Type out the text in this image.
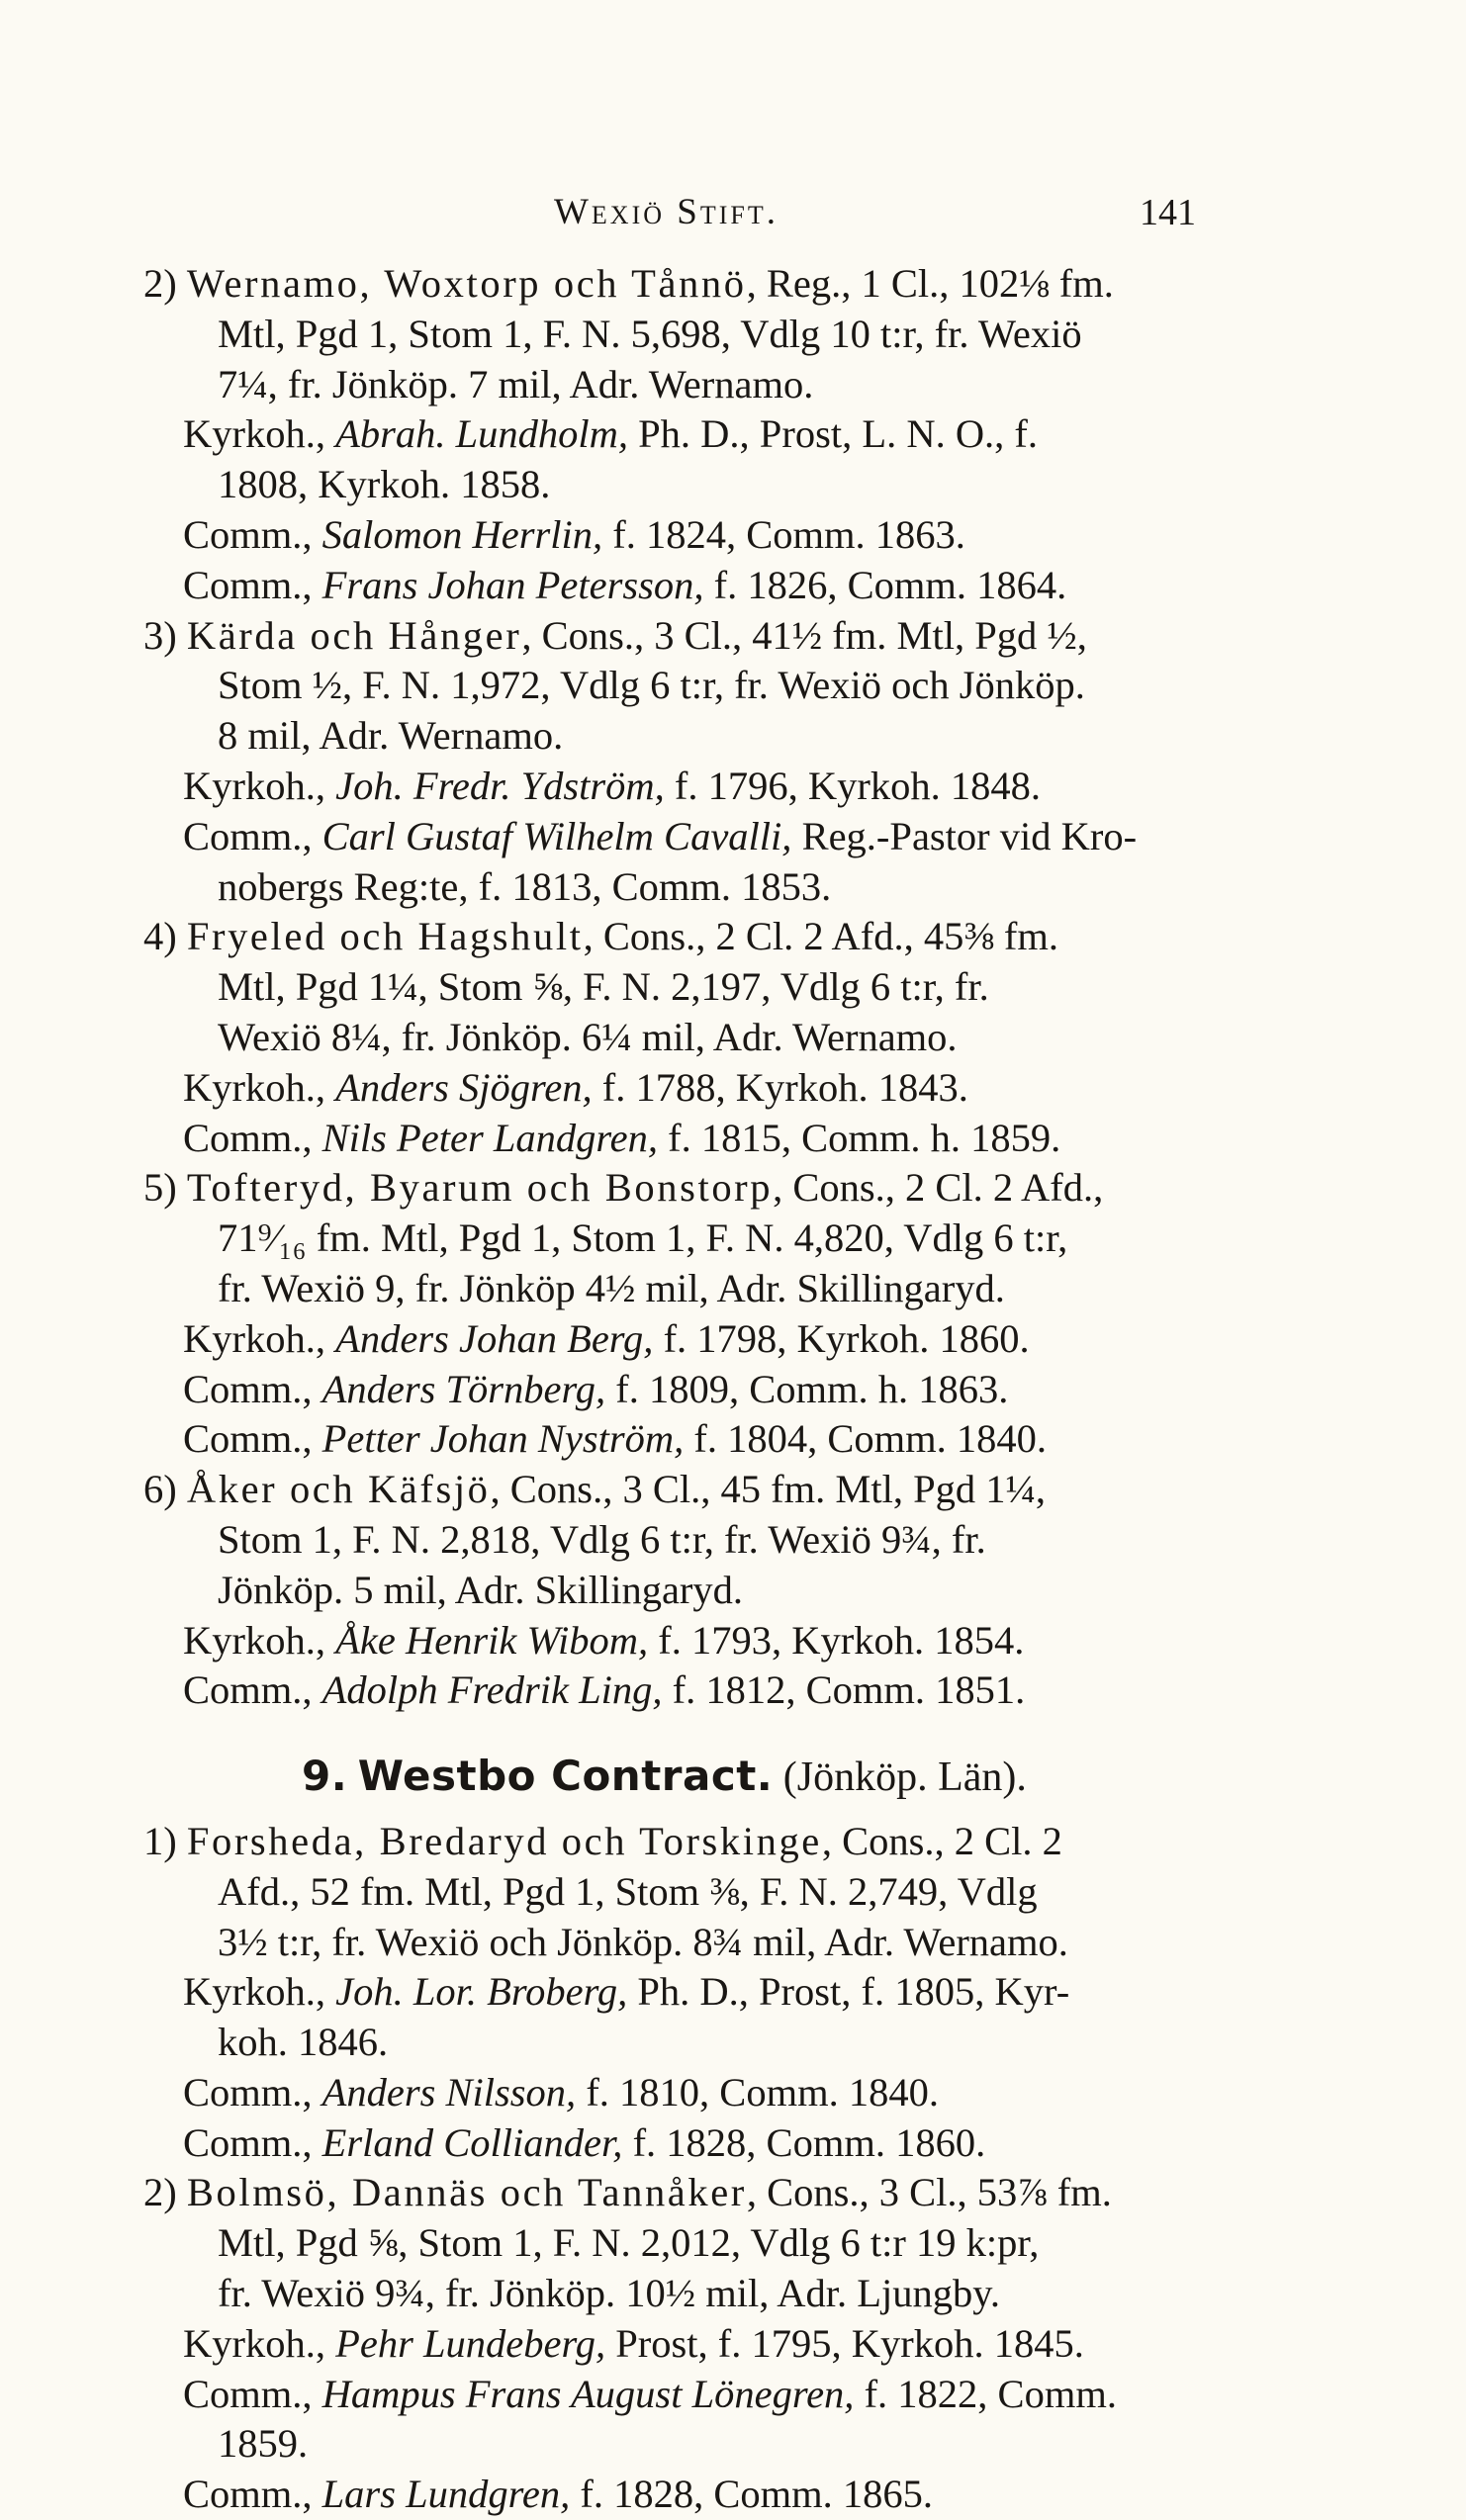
Wexiö Stift.	141
2) Wernamo, Woxtorp och Tånnö, Reg., 1 Cl., 102⅛ fm.
Mtl, Pgd 1, Stom 1, F. N. 5,698, Vdlg 10 t:r, fr. Wexiö
7¼, fr. Jönköp. 7 mil, Adr. Wernamo.
Kyrkoh., Abrah. Lundholm, Ph. D., Prost, L. N. O., f.
1808, Kyrkoh. 1858.
Comm., Salomon Herrlin, f. 1824, Comm. 1863.
Comm., Frans Johan Petersson, f. 1826, Comm. 1864.
3) Kärda och Hånger, Cons., 3 Cl., 41½ fm. Mtl, Pgd ½,
Stom ½, F. N. 1,972, Vdlg 6 t:r, fr. Wexiö och Jönköp.
8 mil, Adr. Wernamo.
Kyrkoh., Joh. Fredr. Ydström, f. 1796, Kyrkoh. 1848.
Comm., Carl Gustaf Wilhelm Cavalli, Reg.-Pastor vid Kro-
nobergs Reg:te, f. 1813, Comm. 1853.
4) Fryeled och Hagshult, Cons., 2 Cl. 2 Afd., 45⅜ fm.
Mtl, Pgd 1¼, Stom ⅝, F. N. 2,197, Vdlg 6 t:r, fr.
Wexiö 8¼, fr. Jönköp. 6¼ mil, Adr. Wernamo.
Kyrkoh., Anders Sjögren, f. 1788, Kyrkoh. 1843.
Comm., Nils Peter Landgren, f. 1815, Comm. h. 1859.
5) Tofteryd, Byarum och Bonstorp, Cons., 2 Cl. 2 Afd.,
71⁹⁄₁₆ fm. Mtl, Pgd 1, Stom 1, F. N. 4,820, Vdlg 6 t:r,
fr. Wexiö 9, fr. Jönköp 4½ mil, Adr. Skillingaryd.
Kyrkoh., Anders Johan Berg, f. 1798, Kyrkoh. 1860.
Comm., Anders Törnberg, f. 1809, Comm. h. 1863.
Comm., Petter Johan Nyström, f. 1804, Comm. 1840.
6) Åker och Käfsjö, Cons., 3 Cl., 45 fm. Mtl, Pgd 1¼,
Stom 1, F. N. 2,818, Vdlg 6 t:r, fr. Wexiö 9¾, fr.
Jönköp. 5 mil, Adr. Skillingaryd.
Kyrkoh., Åke Henrik Wibom, f. 1793, Kyrkoh. 1854.
Comm., Adolph Fredrik Ling, f. 1812, Comm. 1851.
9. Westbo Contract. (Jönköp. Län).
1) Forsheda, Bredaryd och Torskinge, Cons., 2 Cl. 2
Afd., 52 fm. Mtl, Pgd 1, Stom ⅜, F. N. 2,749, Vdlg
3½ t:r, fr. Wexiö och Jönköp. 8¾ mil, Adr. Wernamo.
Kyrkoh., Joh. Lor. Broberg, Ph. D., Prost, f. 1805, Kyr-
koh. 1846.
Comm., Anders Nilsson, f. 1810, Comm. 1840.
Comm., Erland Colliander, f. 1828, Comm. 1860.
2) Bolmsö, Dannäs och Tannåker, Cons., 3 Cl., 53⅞ fm.
Mtl, Pgd ⅝, Stom 1, F. N. 2,012, Vdlg 6 t:r 19 k:pr,
fr. Wexiö 9¾, fr. Jönköp. 10½ mil, Adr. Ljungby.
Kyrkoh., Pehr Lundeberg, Prost, f. 1795, Kyrkoh. 1845.
Comm., Hampus Frans August Lönegren, f. 1822, Comm.
1859.
Comm., Lars Lundgren, f. 1828, Comm. 1865.
